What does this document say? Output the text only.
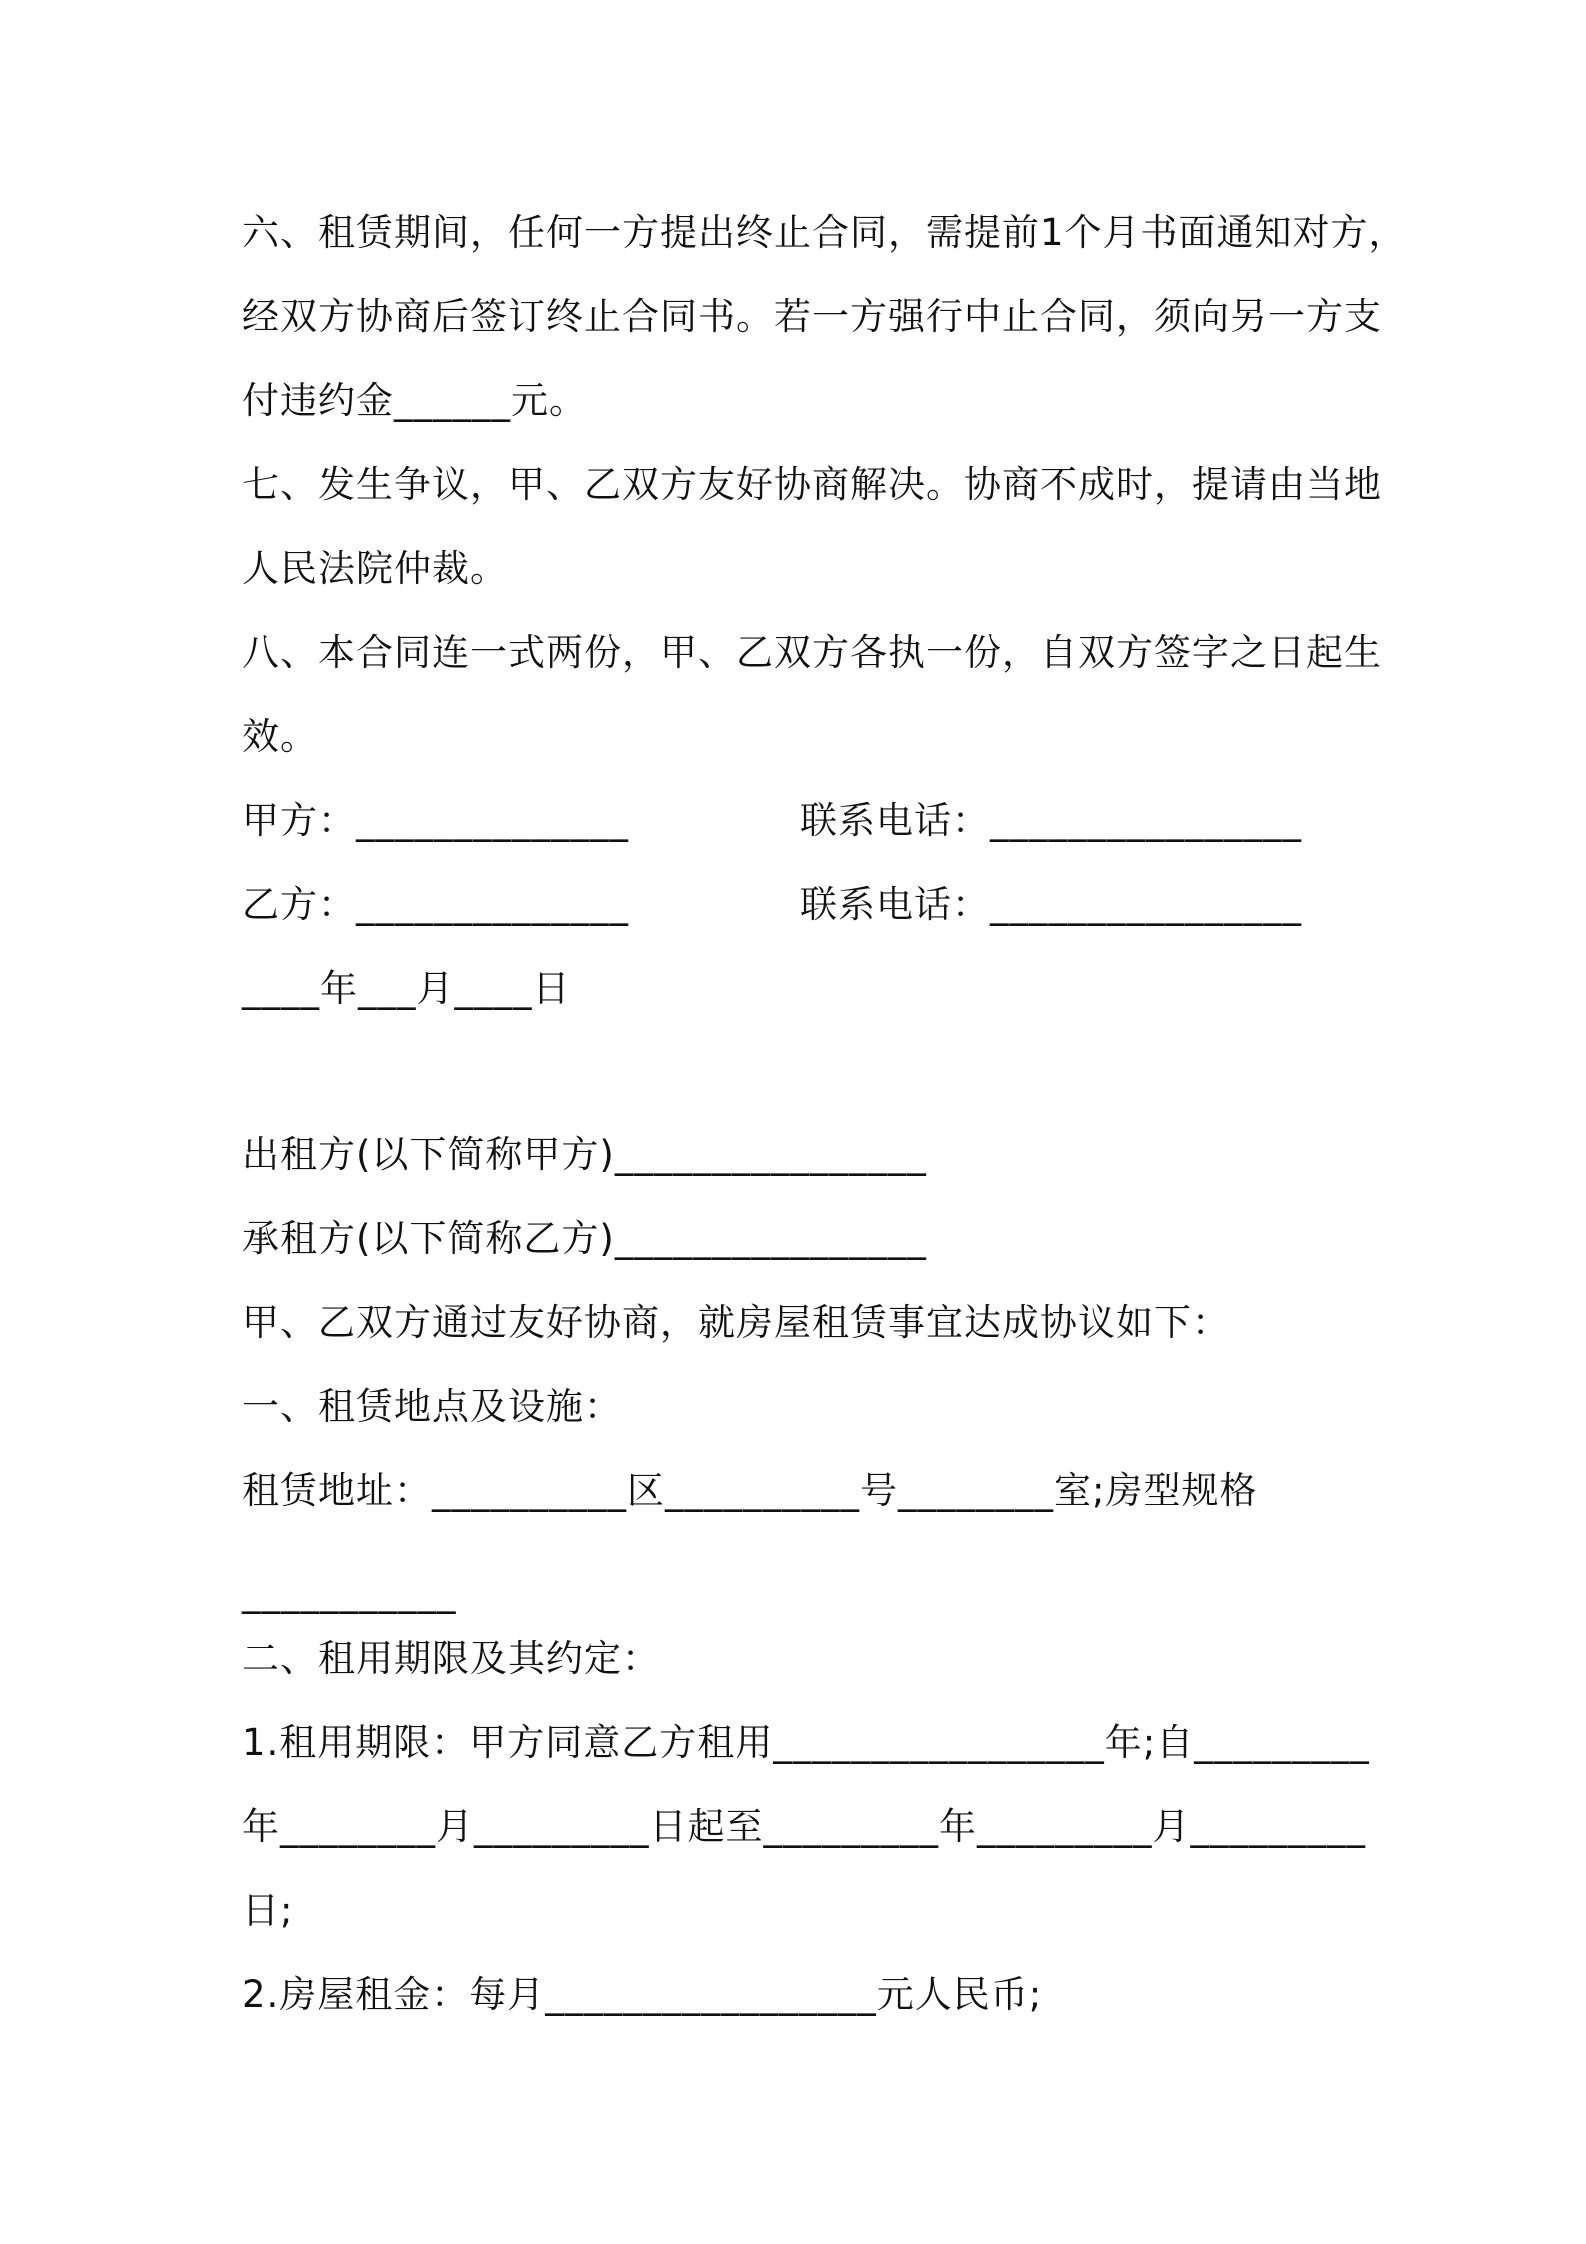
六、租赁期间，任何一方提出终止合同，需提前1个月书面通知对方，
经双方协商后签订终止合同书。若一方强行中止合同，须向另一方支
付违约金______元。
七、发生争议，甲、乙双方友好协商解决。协商不成时，提请由当地
人民法院仲裁。
八、本合同连一式两份，甲、乙双方各执一份，自双方签字之日起生
效。
甲方：______________	联系电话：________________
乙方：______________	联系电话：________________
____年___月____日
出租方(以下简称甲方)________________
承租方(以下简称乙方)________________
甲、乙双方通过友好协商，就房屋租赁事宜达成协议如下：
一、租赁地点及设施：
租赁地址：__________区__________号________室;房型规格
___________
二、租用期限及其约定：
1.租用期限：甲方同意乙方租用_________________年;自_________
年________月_________日起至_________年_________月_________
日;
2.房屋租金：每月_________________元人民币;
